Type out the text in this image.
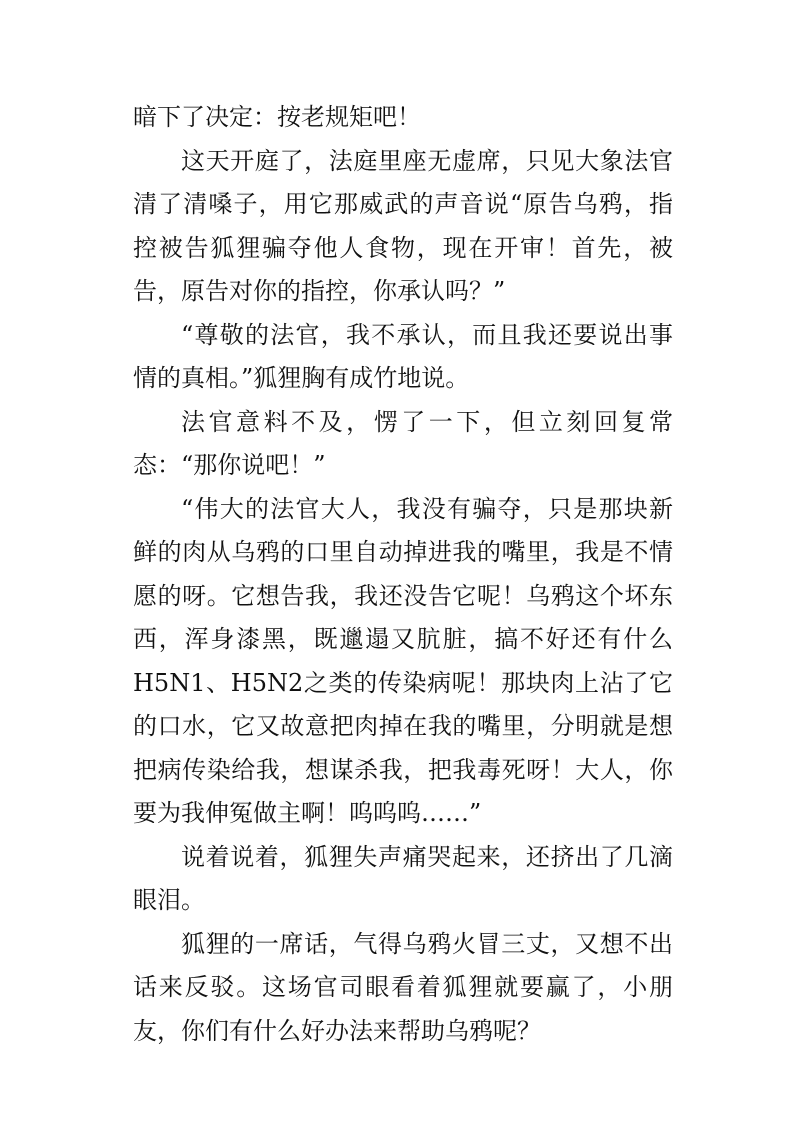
暗下了决定：按老规矩吧！

这天开庭了，法庭里座无虚席，只见大象法官清了清嗓子，用它那威武的声音说“原告乌鸦，指控被告狐狸骗夺他人食物，现在开审！首先，被告，原告对你的指控，你承认吗？”

“尊敬的法官，我不承认，而且我还要说出事情的真相。”狐狸胸有成竹地说。

法官意料不及，愣了一下，但立刻回复常态：“那你说吧！”

“伟大的法官大人，我没有骗夺，只是那块新鲜的肉从乌鸦的口里自动掉进我的嘴里，我是不情愿的呀。它想告我，我还没告它呢！乌鸦这个坏东西，浑身漆黑，既邋遢又肮脏，搞不好还有什么H5N1、H5N2之类的传染病呢！那块肉上沾了它的口水，它又故意把肉掉在我的嘴里，分明就是想把病传染给我，想谋杀我，把我毒死呀！大人，你要为我伸冤做主啊！呜呜呜……”

说着说着，狐狸失声痛哭起来，还挤出了几滴眼泪。

狐狸的一席话，气得乌鸦火冒三丈，又想不出话来反驳。这场官司眼看着狐狸就要赢了，小朋友，你们有什么好办法来帮助乌鸦呢？
